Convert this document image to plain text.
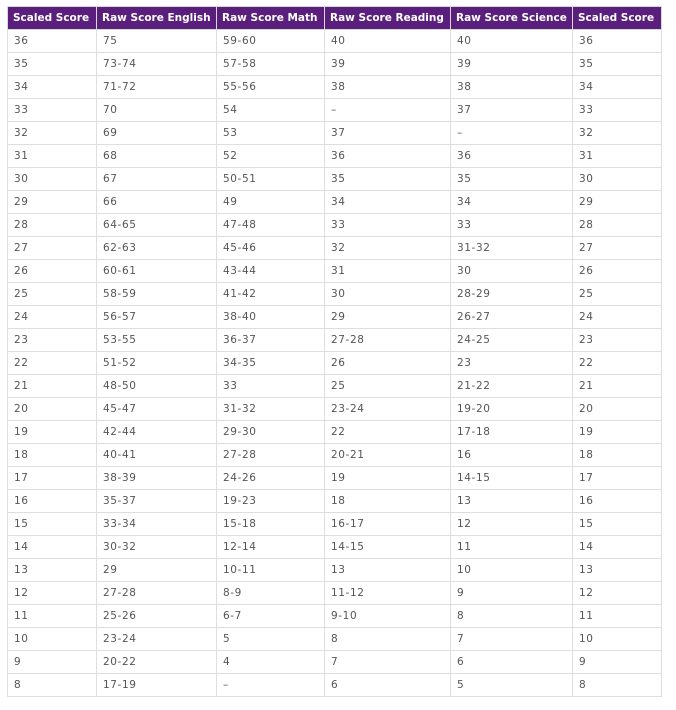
Scaled Score	Raw Score English	Raw Score Math	Raw Score Reading	Raw Score Science	Scaled Score
36	75	59-60	40	40	36
35	73-74	57-58	39	39	35
34	71-72	55-56	38	38	34
33	70	54	–	37	33
32	69	53	37	–	32
31	68	52	36	36	31
30	67	50-51	35	35	30
29	66	49	34	34	29
28	64-65	47-48	33	33	28
27	62-63	45-46	32	31-32	27
26	60-61	43-44	31	30	26
25	58-59	41-42	30	28-29	25
24	56-57	38-40	29	26-27	24
23	53-55	36-37	27-28	24-25	23
22	51-52	34-35	26	23	22
21	48-50	33	25	21-22	21
20	45-47	31-32	23-24	19-20	20
19	42-44	29-30	22	17-18	19
18	40-41	27-28	20-21	16	18
17	38-39	24-26	19	14-15	17
16	35-37	19-23	18	13	16
15	33-34	15-18	16-17	12	15
14	30-32	12-14	14-15	11	14
13	29	10-11	13	10	13
12	27-28	8-9	11-12	9	12
11	25-26	6-7	9-10	8	11
10	23-24	5	8	7	10
9	20-22	4	7	6	9
8	17-19	–	6	5	8
